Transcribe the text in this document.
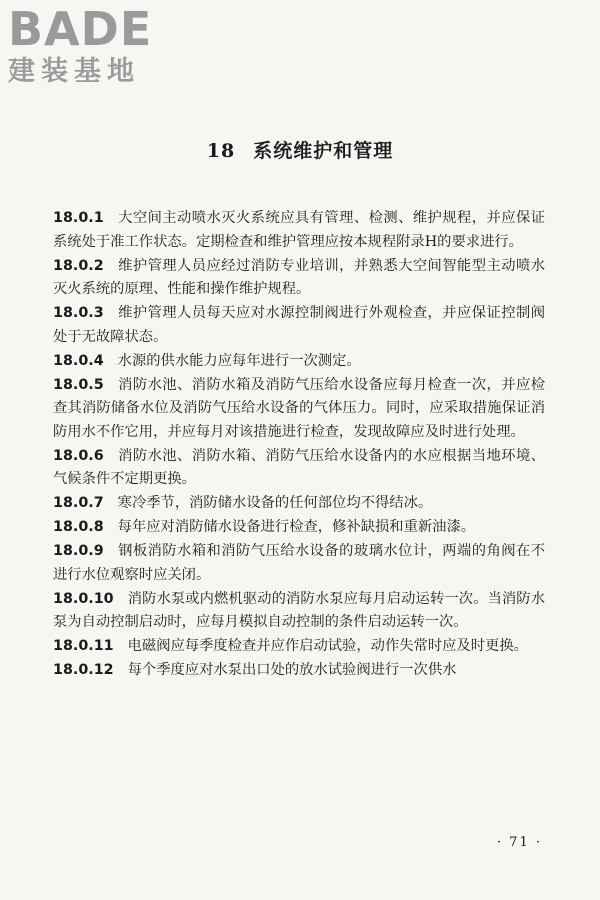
BADE
建装基地
18 系统维护和管理

18.0.1 大空间主动喷水灭火系统应具有管理、检测、维护规程，并应保证系统处于准工作状态。定期检查和维护管理应按本规程附录H的要求进行。

18.0.2 维护管理人员应经过消防专业培训，并熟悉大空间智能型主动喷水灭火系统的原理、性能和操作维护规程。

18.0.3 维护管理人员每天应对水源控制阀进行外观检查，并应保证控制阀处于无故障状态。

18.0.4 水源的供水能力应每年进行一次测定。

18.0.5 消防水池、消防水箱及消防气压给水设备应每月检查一次，并应检查其消防储备水位及消防气压给水设备的气体压力。同时，应采取措施保证消防用水不作它用，并应每月对该措施进行检查，发现故障应及时进行处理。

18.0.6 消防水池、消防水箱、消防气压给水设备内的水应根据当地环境、气候条件不定期更换。

18.0.7 寒冷季节，消防储水设备的任何部位均不得结冰。

18.0.8 每年应对消防储水设备进行检查，修补缺损和重新油漆。

18.0.9 钢板消防水箱和消防气压给水设备的玻璃水位计，两端的角阀在不进行水位观察时应关闭。

18.0.10 消防水泵或内燃机驱动的消防水泵应每月启动运转一次。当消防水泵为自动控制启动时，应每月模拟自动控制的条件启动运转一次。

18.0.11 电磁阀应每季度检查并应作启动试验，动作失常时应及时更换。

18.0.12 每个季度应对水泵出口处的放水试验阀进行一次供水

· 71 ·
